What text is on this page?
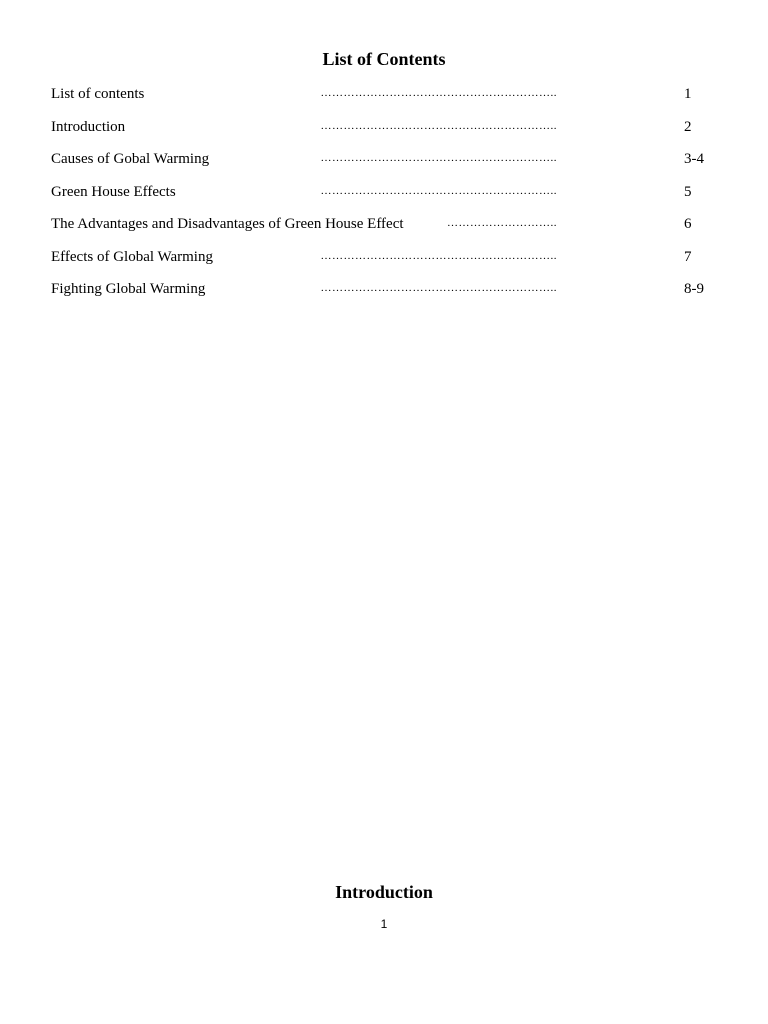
List of Contents
List of contents	……………………………………………………..	1
Introduction	……………………………………………………..	2
Causes of Gobal Warming	……………………………………………………..	3-4
Green House Effects	……………………………………………………..	5
The Advantages and Disadvantages of Green House Effect	………………………..	6
Effects of Global Warming	……………………………………………………..	7
Fighting Global Warming	……………………………………………………..	8-9
Introduction
1
